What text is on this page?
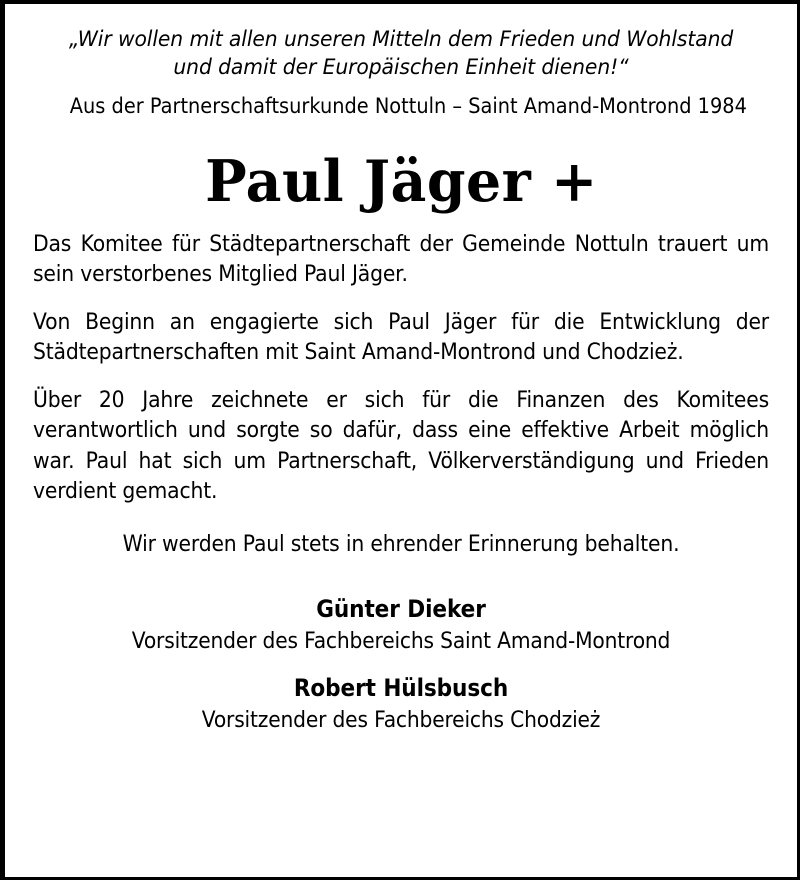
„Wir wollen mit allen unseren Mitteln dem Frieden und Wohlstand
und damit der Europäischen Einheit dienen!“
Aus der Partnerschaftsurkunde Nottuln – Saint Amand-Montrond 1984
Paul Jäger +

Das Komitee für Städtepartnerschaft der Gemeinde Nottuln trauert um sein verstorbenes Mitglied Paul Jäger.

Von Beginn an engagierte sich Paul Jäger für die Entwicklung der Städtepartnerschaften mit Saint Amand-Montrond und Chodzież.

Über 20 Jahre zeichnete er sich für die Finanzen des Komitees verantwortlich und sorgte so dafür, dass eine effektive Arbeit möglich war. Paul hat sich um Partnerschaft, Völkerverständigung und Frieden verdient gemacht.

Wir werden Paul stets in ehrender Erinnerung behalten.

Günter Dieker
Vorsitzender des Fachbereichs Saint Amand-Montrond
Robert Hülsbusch
Vorsitzender des Fachbereichs Chodzież
